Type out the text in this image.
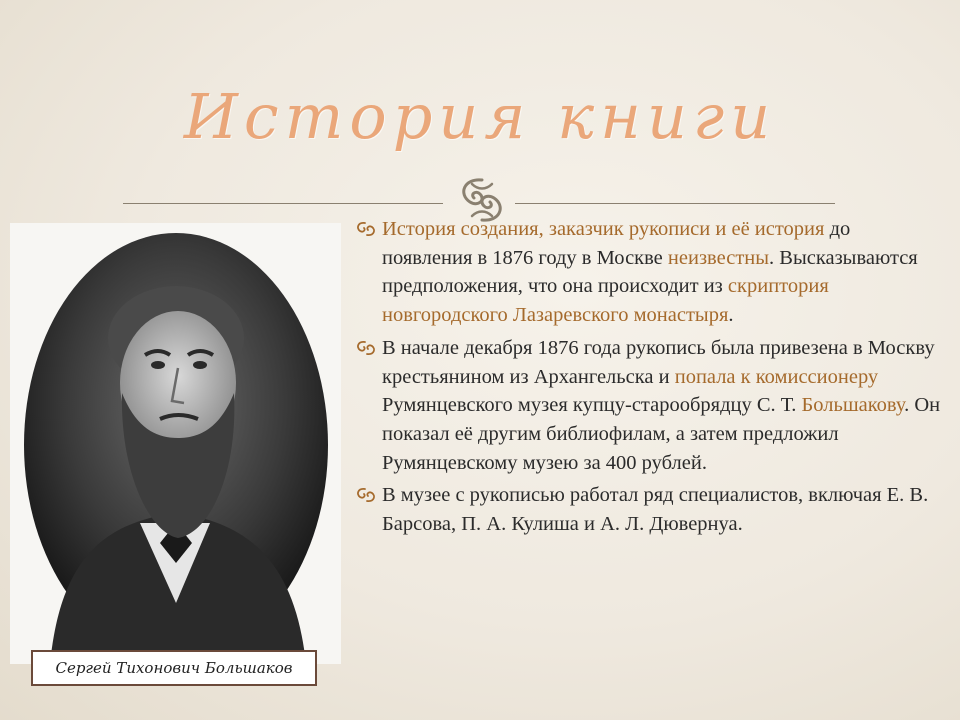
История книги
Сергей Тихонович Большаков
История создания, заказчик рукописи и её история до появления в 1876 году в Москве неизвестны. Высказываются предположения, что она происходит из скриптория новгородского Лазаревского монастыря.
В начале декабря 1876 года рукопись была привезена в Москву крестьянином из Архангельска и попала к комиссионеру Румянцевского музея купцу-старообрядцу С. Т. Большакову. Он показал её другим библиофилам, а затем предложил Румянцевскому музею за 400 рублей.
В музее с рукописью работал ряд специалистов, включая Е. В. Барсова, П. А. Кулиша и А. Л. Дювернуа.
